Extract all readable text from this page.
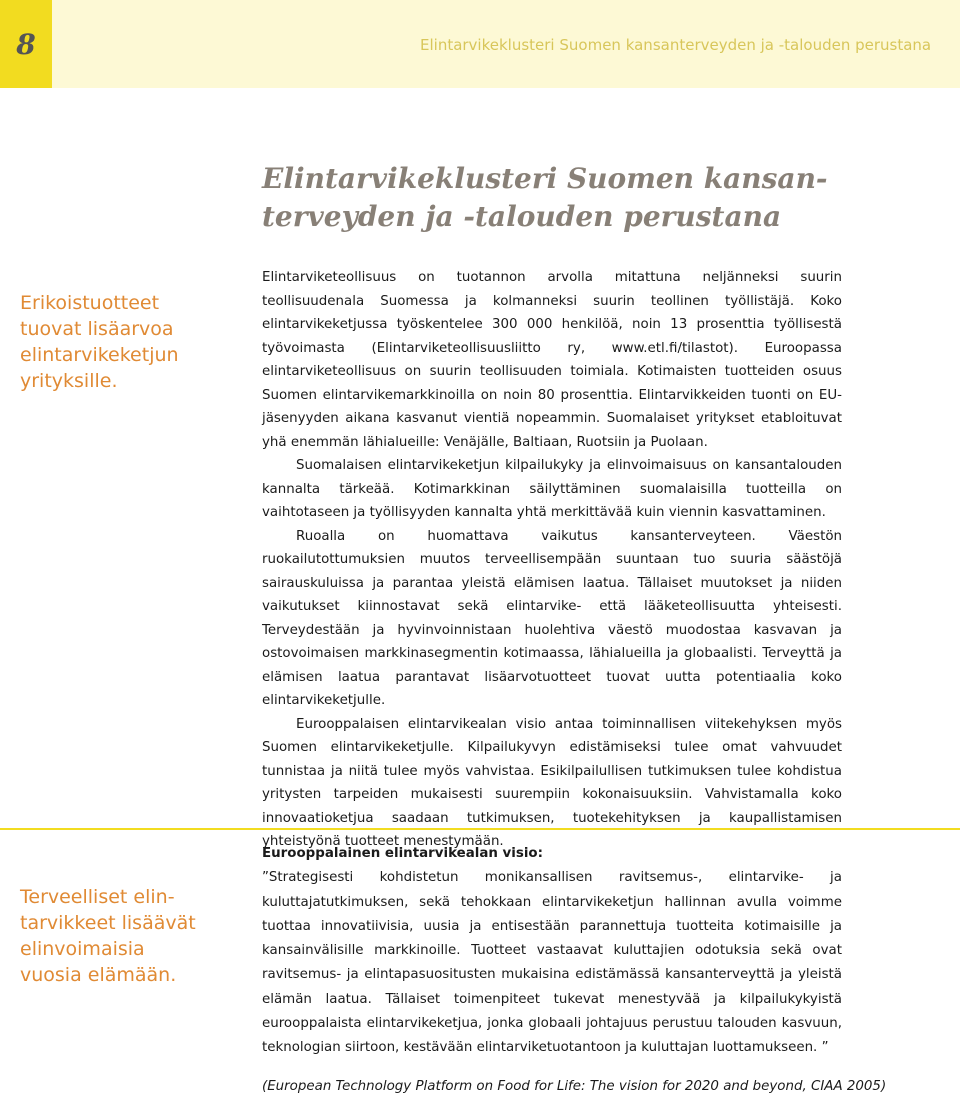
8	Elintarvikeklusteri Suomen kansanterveyden ja -talouden perustana
Elintarvikeklusteri Suomen kansan-
terveyden ja -talouden perustana

Erikoistuotteet
tuovat lisäarvoa
elintarvikeketjun
yrityksille.

Elintarviketeollisuus on tuotannon arvolla mitattuna neljänneksi suurin teollisuudenala Suomessa ja kolmanneksi suurin teollinen työllistäjä. Koko elintarvikeketjussa työskentelee 300 000 henkilöä, noin 13 prosenttia työllisestä työvoimasta (Elintarviketeollisuusliitto ry, www.etl.fi/tilastot). Euroopassa elintarviketeollisuus on suurin teollisuuden toimiala. Kotimaisten tuotteiden osuus Suomen elintarvikemarkkinoilla on noin 80 prosenttia. Elintarvikkeiden tuonti on EU-jäsenyyden aikana kasvanut vientiä nopeammin. Suomalaiset yritykset etabloituvat yhä enemmän lähialueille: Venäjälle, Baltiaan, Ruotsiin ja Puolaan.

Suomalaisen elintarvikeketjun kilpailukyky ja elinvoimaisuus on kansantalouden kannalta tärkeää. Kotimarkkinan säilyttäminen suomalaisilla tuotteilla on vaihtotaseen ja työllisyyden kannalta yhtä merkittävää kuin viennin kasvattaminen.

Ruoalla on huomattava vaikutus kansanterveyteen. Väestön ruokailutottumuksien muutos terveellisempään suuntaan tuo suuria säästöjä sairauskuluissa ja parantaa yleistä elämisen laatua. Tällaiset muutokset ja niiden vaikutukset kiinnostavat sekä elintarvike- että lääketeollisuutta yhteisesti. Terveydestään ja hyvinvoinnistaan huolehtiva väestö muodostaa kasvavan ja ostovoimaisen markkinasegmentin kotimaassa, lähialueilla ja globaalisti. Terveyttä ja elämisen laatua parantavat lisäarvotuotteet tuovat uutta potentiaalia koko elintarvikeketjulle.

Eurooppalaisen elintarvikealan visio antaa toiminnallisen viitekehyksen myös Suomen elintarvikeketjulle. Kilpailukyvyn edistämiseksi tulee omat vahvuudet tunnistaa ja niitä tulee myös vahvistaa. Esikilpailullisen tutkimuksen tulee kohdistua yritysten tarpeiden mukaisesti suurempiin kokonaisuuksiin. Vahvistamalla koko innovaatioketjua saadaan tutkimuksen, tuotekehityksen ja kaupallistamisen yhteistyönä tuotteet menestymään.

Terveelliset elin-
tarvikkeet lisäävät
elinvoimaisia
vuosia elämään.

Eurooppalainen elintarvikealan visio:

”Strategisesti kohdistetun monikansallisen ravitsemus-, elintarvike- ja kuluttajatutkimuksen, sekä tehokkaan elintarvikeketjun hallinnan avulla voimme tuottaa innovatiivisia, uusia ja entisestään parannettuja tuotteita kotimaisille ja kansainvälisille markkinoille. Tuotteet vastaavat kuluttajien odotuksia sekä ovat ravitsemus- ja elintapasuositusten mukaisina edistämässä kansanterveyttä ja yleistä elämän laatua. Tällaiset toimenpiteet tukevat menestyvää ja kilpailukykyistä eurooppalaista elintarvikeketjua, jonka globaali johtajuus perustuu talouden kasvuun, teknologian siirtoon, kestävään elintarviketuotantoon ja kuluttajan luottamukseen. ”

(European Technology Platform on Food for Life: The vision for 2020 and beyond, CIAA 2005)
